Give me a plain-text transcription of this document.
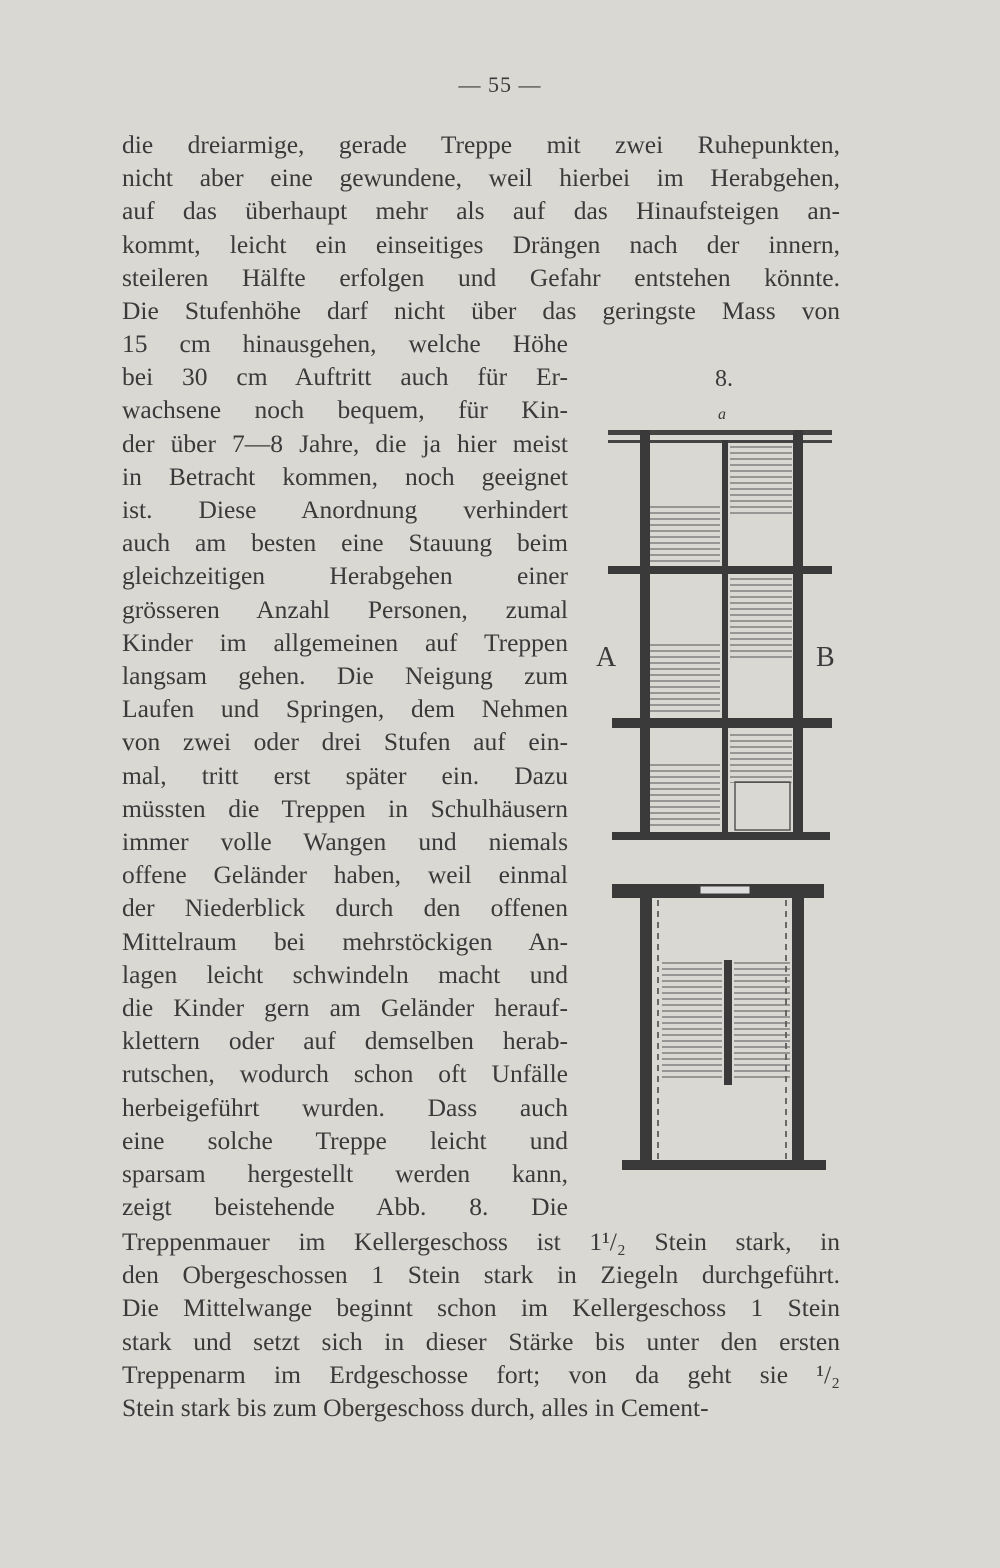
— 55 —
die dreiarmige, gerade Treppe mit zwei Ruhepunkten,
nicht aber eine gewundene, weil hierbei im Herabgehen,
auf das überhaupt mehr als auf das Hinaufsteigen an-
kommt, leicht ein einseitiges Drängen nach der innern,
steileren Hälfte erfolgen und Gefahr entstehen könnte.
Die Stufenhöhe darf nicht über das geringste Mass von
15 cm hinausgehen, welche Höhe
bei 30 cm Auftritt auch für Er-
wachsene noch bequem, für Kin-
der über 7—8 Jahre, die ja hier meist
in Betracht kommen, noch geeignet
ist. Diese Anordnung verhindert
auch am besten eine Stauung beim
gleichzeitigen Herabgehen einer
grösseren Anzahl Personen, zumal
Kinder im allgemeinen auf Treppen
langsam gehen. Die Neigung zum
Laufen und Springen, dem Nehmen
von zwei oder drei Stufen auf ein-
mal, tritt erst später ein. Dazu
müssten die Treppen in Schulhäusern
immer volle Wangen und niemals
offene Geländer haben, weil einmal
der Niederblick durch den offenen
Mittelraum bei mehrstöckigen An-
lagen leicht schwindeln macht und
die Kinder gern am Geländer herauf-
klettern oder auf demselben herab-
rutschen, wodurch schon oft Unfälle
herbeigeführt wurden. Dass auch
eine solche Treppe leicht und
sparsam hergestellt werden kann,
zeigt beistehende Abb. 8. Die
Treppenmauer im Kellergeschoss ist 1¹/₂ Stein stark, in
den Obergeschossen 1 Stein stark in Ziegeln durchgeführt.
Die Mittelwange beginnt schon im Kellergeschoss 1 Stein
stark und setzt sich in dieser Stärke bis unter den ersten
Treppenarm im Erdgeschosse fort; von da geht sie ¹/₂
Stein stark bis zum Obergeschoss durch, alles in Cement-
8.
a
A	B
